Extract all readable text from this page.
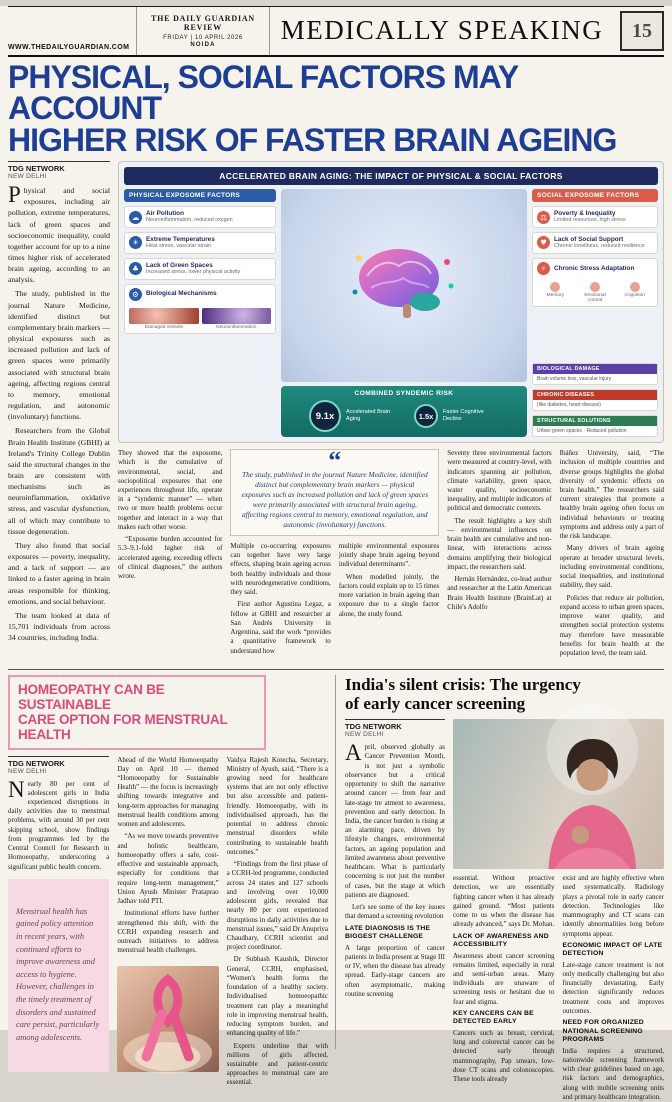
WWW.THEDAILYGUARDIAN.COM
THE DAILY GUARDIAN REVIEW
FRIDAY | 10 APRIL 2026
NOIDA	MEDICALLY SPEAKING	15
PHYSICAL, SOCIAL FACTORS MAY ACCOUNT
HIGHER RISK OF FASTER BRAIN AGEING
TDG NETWORK
NEW DELHI

Physical and social exposures, including air pollution, extreme temperatures, lack of green spaces and socioeconomic inequality, could together account for up to a nine times higher risk of accelerated brain ageing, according to an analysis.

The study, published in the journal Nature Medicine, identified distinct but complementary brain markers — physical exposures such as increased pollution and lack of green spaces were primarily associated with structural brain ageing, affecting regions central to memory, emotional regulation, and autonomic (involuntary) functions.

Researchers from the Global Brain Health Institute (GBHI) at Ireland's Trinity College Dublin said the structural changes in the brain are consistent with mechanisms such as neuroinflammation, oxidative stress, and vascular dysfunction, all of which may contribute to tissue degeneration.

They also found that social exposures — poverty, inequality, and a lack of support — are linked to a faster ageing in brain areas responsible for thinking, emotions, and social behaviour.

The team looked at data of 15,701 individuals from across 34 countries, including India.

ACCELERATED BRAIN AGING: THE IMPACT OF PHYSICAL & SOCIAL FACTORS
PHYSICAL EXPOSOME FACTORS
☁	Air Pollution
Neuroinflammation, reduced oxygen
☀	Extreme Temperatures
Heat stress, vascular strain
♣	Lack of Green Spaces
Increased stress, lower physical activity
⚙	Biological Mechanisms
Damaged vessels	Neuroinflammation
COMBINED SYNDEMIC RISK
9.1x	Accelerated Brain Aging	1.5x	Faster Cognitive Decline
SOCIAL EXPOSOME FACTORS
⚖	Poverty & Inequality
Limited resources, high stress
♥	Lack of Social Support
Chronic loneliness, reduced resilience
⚡	Chronic Stress Adaptation
Memory	Emotional control
Cognition
BIOLOGICAL DAMAGE
Brain volume loss, vascular injury
CHRONIC DISEASES
(like diabetes, heart disease)
STRUCTURAL SOLUTIONS
Urban green spaces · Reduced pollution

They showed that the exposome, which is the cumulative of environmental, social, and sociopolitical exposures that one experiences throughout life, operate in a “syndemic manner” — when two or more health problems occur together and interact in a way that makes each other worse.

“Exposome burden accounted for 5.3–9.1-fold higher risk of accelerated ageing, exceeding effects of clinical diagnoses,” the authors wrote.

“

The study, published in the journal Nature Medicine, identified distinct but complementary brain markers — physical exposures such as increased pollution and lack of green spaces were primarily associated with structural brain ageing, affecting regions central to memory, emotional regulation, and autonomic (involuntary) functions.

Multiple co-occurring exposures can together have very large effects, shaping brain ageing across both healthy individuals and those with neurodegenerative conditions, they said.

First author Agustina Legaz, a fellow at GBHI and researcher at San Andrés University in Argentina, said the work “provides a quantitative framework to understand how

multiple environmental exposures jointly shape brain ageing beyond individual determinants”.

When modelled jointly, the factors could explain up to 15 times more variation in brain ageing than exposure due to a single factor alone, the study found.

Seventy three environmental factors were measured at country-level, with indicators spanning air pollution, climate variability, green space, water quality, socioeconomic inequality, and multiple indicators of political and democratic contexts.

The result highlights a key shift — environmental influences on brain health are cumulative and non-linear, with interactions across domains amplifying their biological impact, the researchers said.

Hernán Hernández, co-lead author and researcher at the Latin American Brain Health Institute (BrainLat) at Chile's Adolfo

Ibáñez University, said, “The inclusion of multiple countries and diverse groups highlights the global diversity of syndemic effects on brain health.” The researchers said current strategies that promote a healthy brain ageing often focus on individual behaviours or treating symptoms and address only a part of the risk landscape.

Many drivers of brain ageing operate at broader structural levels, including environmental conditions, social inequalities, and institutional stability, they said.

Policies that reduce air pollution, expand access to urban green spaces, improve water quality, and strengthen social protection systems may therefore have measurable benefits for brain health at the population level, the team said.

HOMEOPATHY CAN BE SUSTAINABLE
CARE OPTION FOR MENSTRUAL HEALTH
TDG NETWORK
NEW DELHI

Nearly 80 per cent of adolescent girls in India experienced disruptions in daily activities due to menstrual problems, with around 30 per cent skipping school, show findings from programmes led by the Central Council for Research in Homoeopathy, underscoring a significant public health concern.

Menstrual health has gained policy attention in recent years, with continued efforts to improve awareness and access to hygiene. However, challenges in the timely treatment of disorders and sustained care persist, particularly among adolescents.

Ahead of the World Homoeopathy Day on April 10 — themed “Homoeopathy for Sustainable Health” — the focus is increasingly shifting towards integrative and long-term approaches for managing menstrual health conditions among women and adolescents.

“As we move towards preventive and holistic healthcare, homoeopathy offers a safe, cost-effective and sustainable approach, especially for conditions that require long-term management,” Union Ayush Minister Prataprao Jadhav told PTI.

Institutional efforts have further strengthened this shift, with the CCRH expanding research and outreach initiatives to address menstrual health challenges.

Vaidya Rajesh Kotecha, Secretary, Ministry of Ayush, said, “There is a growing need for healthcare systems that are not only effective but also accessible and patient-friendly. Homoeopathy, with its individualised approach, has the potential to address chronic menstrual disorders while contributing to sustainable health outcomes.”

“Findings from the first phase of a CCRH-led programme, conducted across 24 states and 127 schools and involving over 10,000 adolescent girls, revealed that nearly 80 per cent experienced disruptions in daily activities due to menstrual issues,” said Dr Anupriya Chaudhary, CCRH scientist and project coordinator.

Dr Subhash Kaushik, Director General, CCRH, emphasised, “Women's health forms the foundation of a healthy society. Individualised homoeopathic treatment can play a meaningful role in improving menstrual health, reducing symptom burden, and enhancing quality of life.”

Experts underline that with millions of girls affected, sustainable and patient-centric approaches to menstrual care are essential.

India's silent crisis: The urgency
of early cancer screening
TDG NETWORK
NEW DELHI

April, observed globally as Cancer Prevention Month, is not just a symbolic observance but a critical opportunity to shift the narrative around cancer — from fear and late-stage tre atment to awareness, prevention and early detection. In India, the cancer burden is rising at an alarming pace, driven by lifestyle changes, environmental factors, an ageing population and limited awareness about preventive healthcare. What is particularly concerning is not just the number of cases, but the stage at which patients are diagnosed.

Let's see some of the key issues that demand a screening revolution

LATE DIAGNOSIS IS THE BIGGEST CHALLENGE

A large proportion of cancer patients in India present at Stage III or IV, when the disease has already spread. Early-stage cancers are often asymptomatic, making routine screening

essential. Without proactive detection, we are essentially fighting cancer when it has already gained ground. “Most patients come to us when the disease has already advanced,” says Dr. Mohan.

LACK OF AWARENESS AND ACCESSIBILITY

Awareness about cancer screening remains limited, especially in rural and semi-urban areas. Many individuals are unaware of screening tests or hesitant due to fear and stigma.

KEY CANCERS CAN BE DETECTED EARLY

Cancers such as breast, cervical, lung and colorectal cancer can be detected early through mammography, Pap smears, low-dose CT scans and colonoscopies. These tools already

exist and are highly effective when used systematically. Radiology plays a pivotal role in early cancer detection. Technologies like mammography and CT scans can identify abnormalities long before symptoms appear.

ECONOMIC IMPACT OF LATE DETECTION

Late-stage cancer treatment is not only medically challenging but also financially devastating. Early detection significantly reduces treatment costs and improves outcomes.

NEED FOR ORGANIZED NATIONAL SCREENING PROGRAMS

India requires a structured, nationwide screening framework with clear guidelines based on age, risk factors and demographics, along with mobile screening units and primary healthcare integration.
